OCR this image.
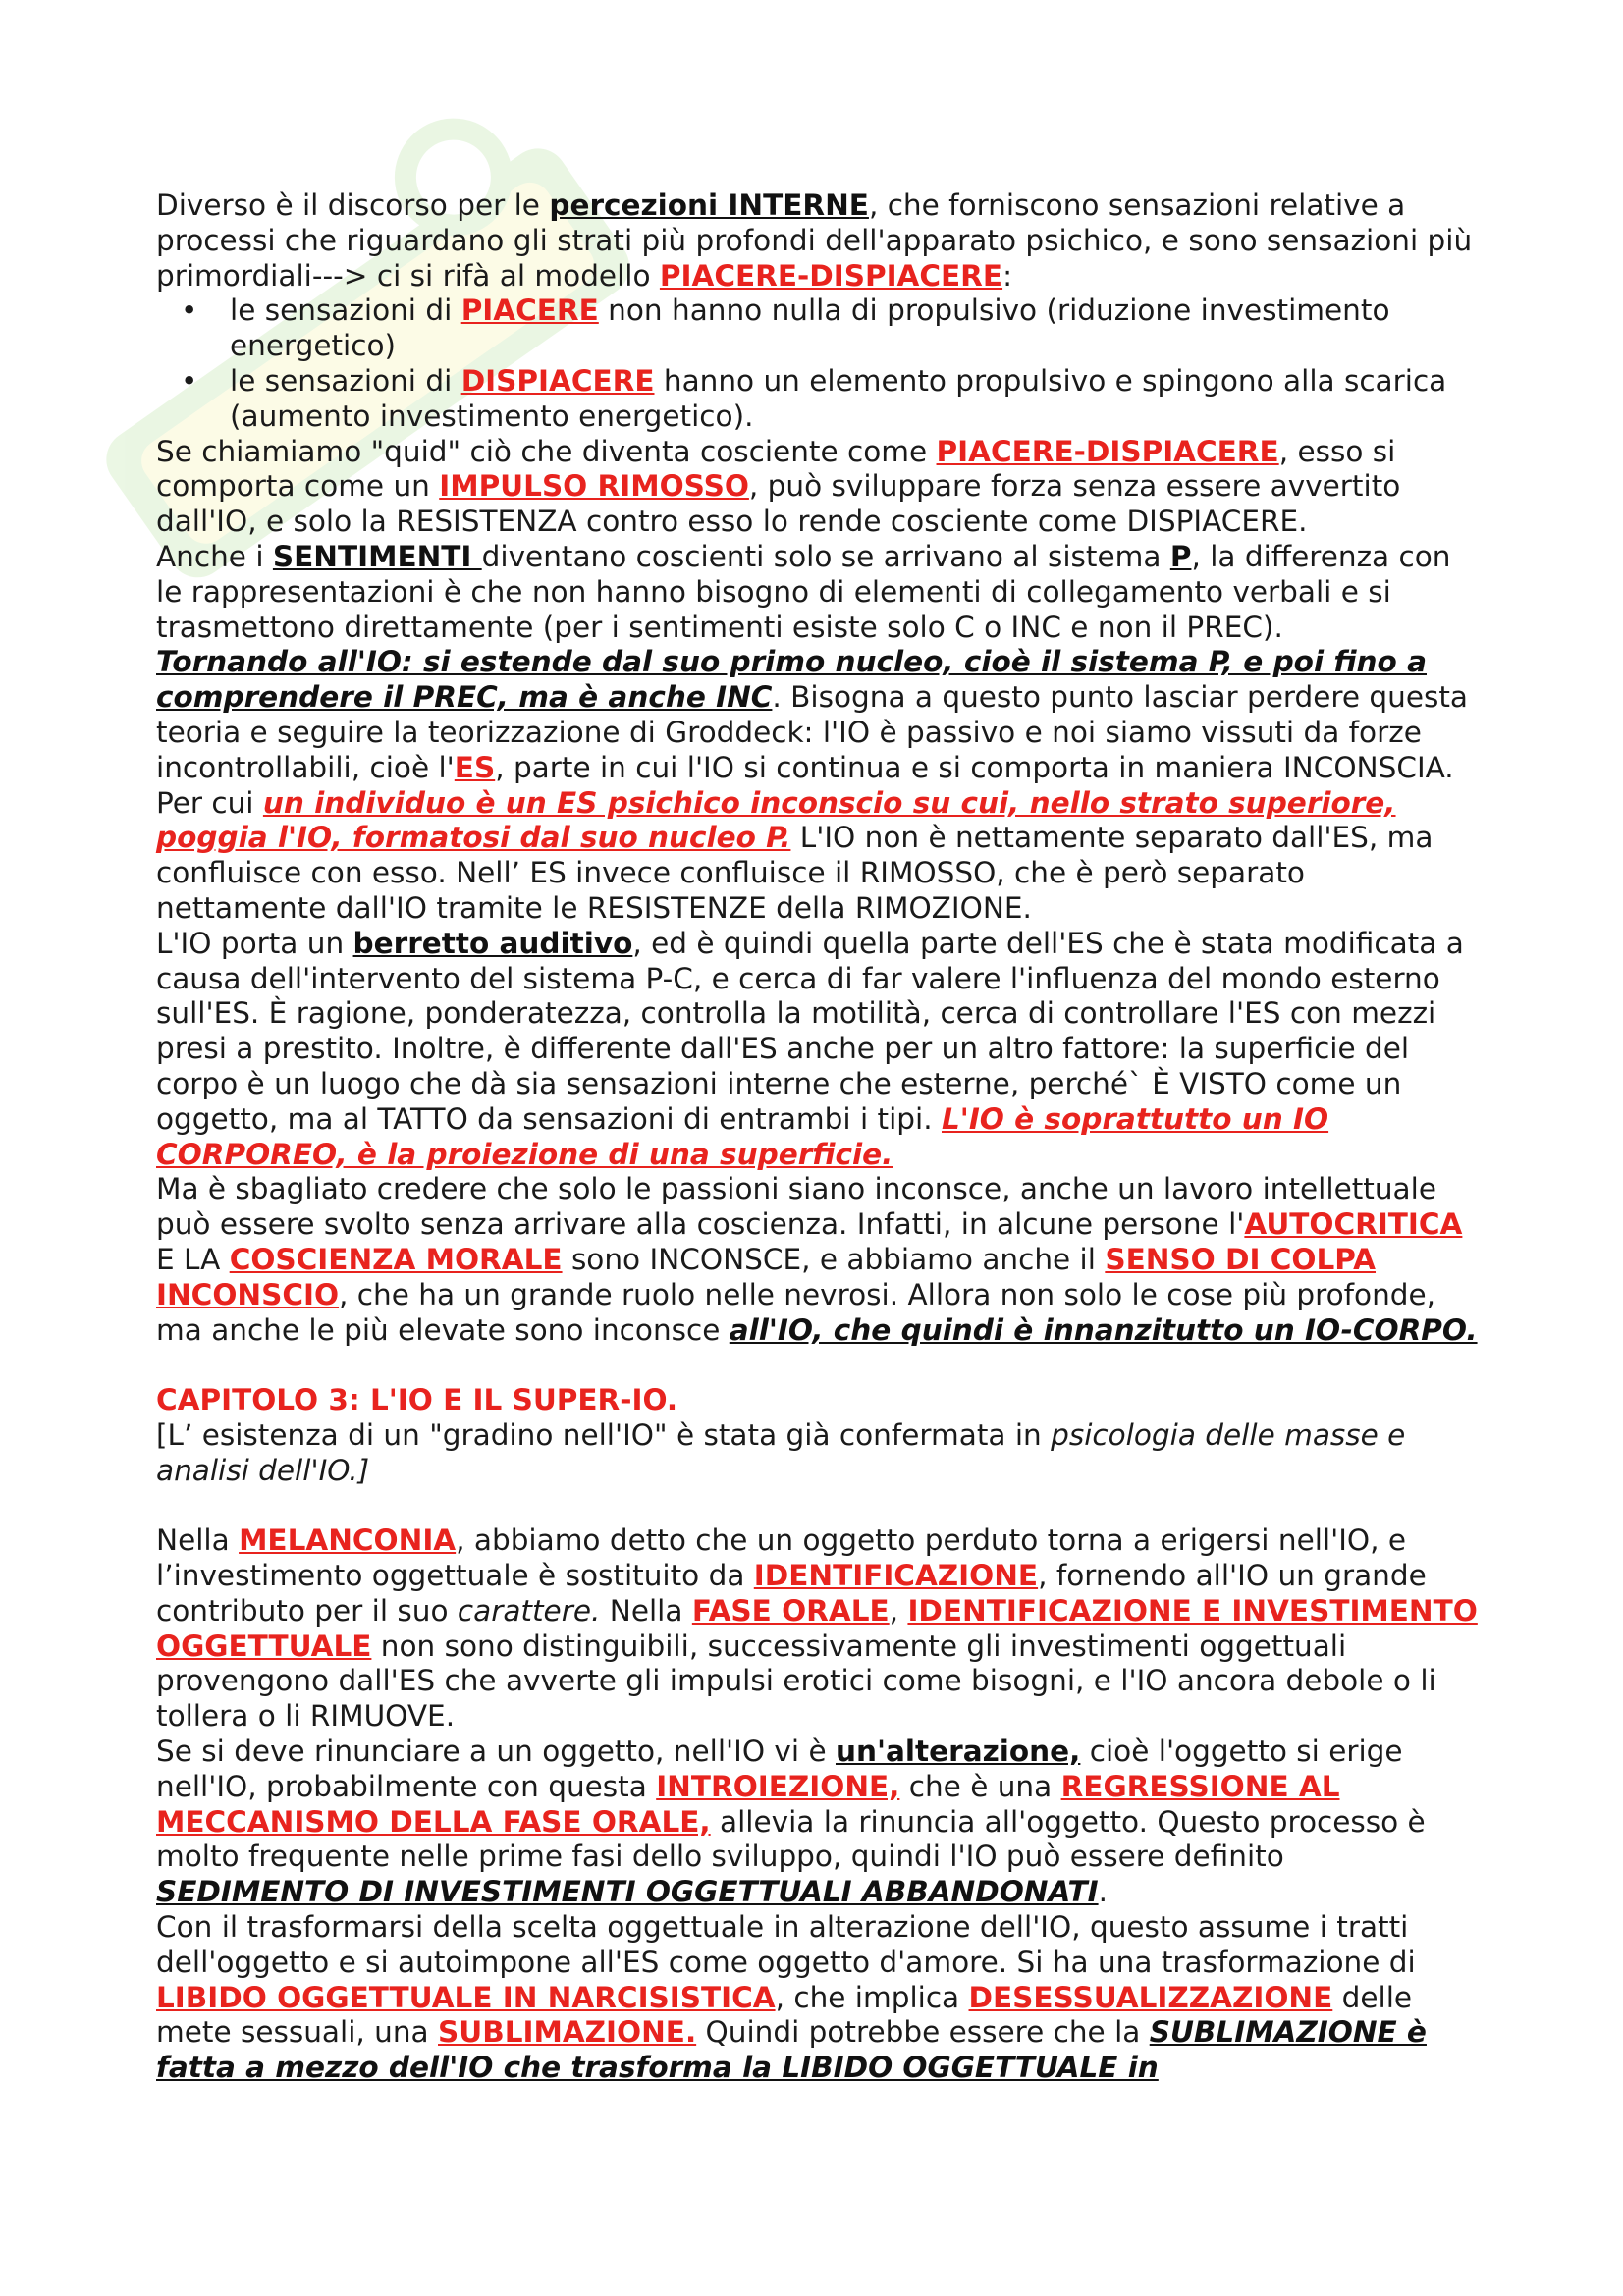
Diverso è il discorso per le percezioni INTERNE, che forniscono sensazioni relative a processi che riguardano gli strati più profondi dell'apparato psichico, e sono sensazioni più primordiali---> ci si rifà al modello PIACERE-DISPIACERE:

• le sensazioni di PIACERE non hanno nulla di propulsivo (riduzione investimento energetico)

• le sensazioni di DISPIACERE hanno un elemento propulsivo e spingono alla scarica (aumento investimento energetico).

Se chiamiamo "quid" ciò che diventa cosciente come PIACERE-DISPIACERE, esso si comporta come un IMPULSO RIMOSSO, può sviluppare forza senza essere avvertito dall'IO, e solo la RESISTENZA contro esso lo rende cosciente come DISPIACERE.

Anche i SENTIMENTI diventano coscienti solo se arrivano al sistema P, la differenza con le rappresentazioni è che non hanno bisogno di elementi di collegamento verbali e si trasmettono direttamente (per i sentimenti esiste solo C o INC e non il PREC).

Tornando all'IO: si estende dal suo primo nucleo, cioè il sistema P, e poi fino a comprendere il PREC, ma è anche INC. Bisogna a questo punto lasciar perdere questa teoria e seguire la teorizzazione di Groddeck: l'IO è passivo e noi siamo vissuti da forze incontrollabili, cioè l'ES, parte in cui l'IO si continua e si comporta in maniera INCONSCIA. Per cui un individuo è un ES psichico inconscio su cui, nello strato superiore, poggia l'IO, formatosi dal suo nucleo P. L'IO non è nettamente separato dall'ES, ma confluisce con esso. Nell’ ES invece confluisce il RIMOSSO, che è però separato nettamente dall'IO tramite le RESISTENZE della RIMOZIONE.

L'IO porta un berretto auditivo, ed è quindi quella parte dell'ES che è stata modificata a causa dell'intervento del sistema P-C, e cerca di far valere l'influenza del mondo esterno sull'ES. È ragione, ponderatezza, controlla la motilità, cerca di controllare l'ES con mezzi presi a prestito. Inoltre, è differente dall'ES anche per un altro fattore: la superficie del corpo è un luogo che dà sia sensazioni interne che esterne, perché` È VISTO come un oggetto, ma al TATTO da sensazioni di entrambi i tipi. L'IO è soprattutto un IO CORPOREO, è la proiezione di una superficie.

Ma è sbagliato credere che solo le passioni siano inconsce, anche un lavoro intellettuale può essere svolto senza arrivare alla coscienza. Infatti, in alcune persone l'AUTOCRITICA E LA COSCIENZA MORALE sono INCONSCE, e abbiamo anche il SENSO DI COLPA INCONSCIO, che ha un grande ruolo nelle nevrosi. Allora non solo le cose più profonde, ma anche le più elevate sono inconsce all'IO, che quindi è innanzitutto un IO-CORPO.

CAPITOLO 3: L'IO E IL SUPER-IO.

[L’ esistenza di un "gradino nell'IO" è stata già confermata in psicologia delle masse e analisi dell'IO.]

Nella MELANCONIA, abbiamo detto che un oggetto perduto torna a erigersi nell'IO, e l’investimento oggettuale è sostituito da IDENTIFICAZIONE, fornendo all'IO un grande contributo per il suo carattere. Nella FASE ORALE, IDENTIFICAZIONE E INVESTIMENTO OGGETTUALE non sono distinguibili, successivamente gli investimenti oggettuali provengono dall'ES che avverte gli impulsi erotici come bisogni, e l'IO ancora debole o li tollera o li RIMUOVE.

Se si deve rinunciare a un oggetto, nell'IO vi è un'alterazione, cioè l'oggetto si erige nell'IO, probabilmente con questa INTROIEZIONE, che è una REGRESSIONE AL MECCANISMO DELLA FASE ORALE, allevia la rinuncia all'oggetto. Questo processo è molto frequente nelle prime fasi dello sviluppo, quindi l'IO può essere definito SEDIMENTO DI INVESTIMENTI OGGETTUALI ABBANDONATI.

Con il trasformarsi della scelta oggettuale in alterazione dell'IO, questo assume i tratti dell'oggetto e si autoimpone all'ES come oggetto d'amore. Si ha una trasformazione di LIBIDO OGGETTUALE IN NARCISISTICA, che implica DESESSUALIZZAZIONE delle mete sessuali, una SUBLIMAZIONE. Quindi potrebbe essere che la SUBLIMAZIONE è fatta a mezzo dell'IO che trasforma la LIBIDO OGGETTUALE in
